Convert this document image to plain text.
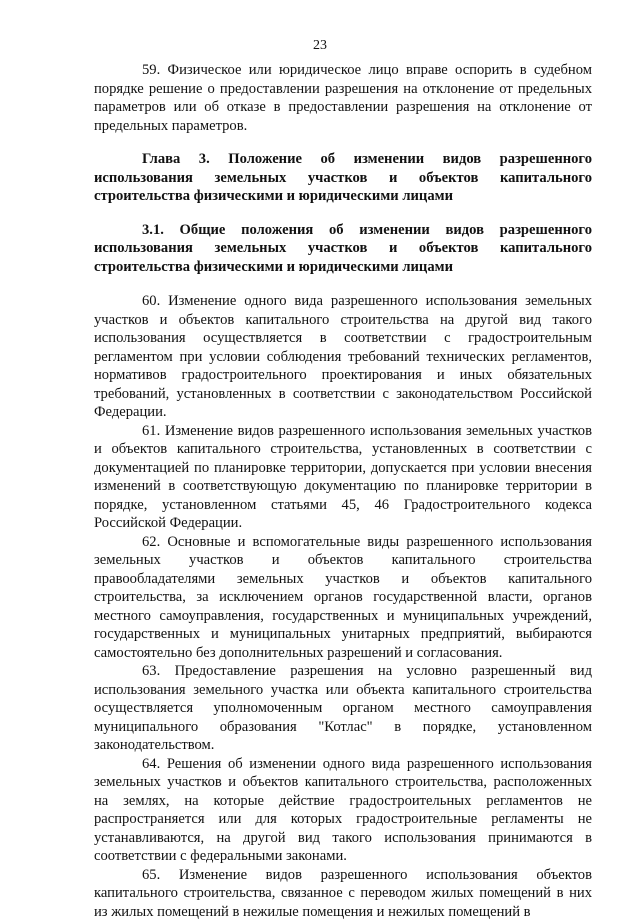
23

59. Физическое или юридическое лицо вправе оспорить в судебном порядке решение о предоставлении разрешения на отклонение от предельных параметров или об отказе в предоставлении разрешения на отклонение от предельных параметров.

Глава 3. Положение об изменении видов разрешенного использования земельных участков и объектов капитального строительства физическими и юридическими лицами
3.1. Общие положения об изменении видов разрешенного использования земельных участков и объектов капитального строительства физическими и юридическими лицами

60. Изменение одного вида разрешенного использования земельных участков и объектов капитального строительства на другой вид такого использования осуществляется в соответствии с градостроительным регламентом при условии соблюдения требований технических регламентов, нормативов градостроительного проектирования и иных обязательных требований, установленных в соответствии с законодательством Российской Федерации.

61. Изменение видов разрешенного использования земельных участков и объектов капитального строительства, установленных в соответствии с документацией по планировке территории, допускается при условии внесения изменений в соответствующую документацию по планировке территории в порядке, установленном статьями 45, 46 Градостроительного кодекса Российской Федерации.

62. Основные и вспомогательные виды разрешенного использования земельных участков и объектов капитального строительства правообладателями земельных участков и объектов капитального строительства, за исключением органов государственной власти, органов местного самоуправления, государственных и муниципальных учреждений, государственных и муниципальных унитарных предприятий, выбираются самостоятельно без дополнительных разрешений и согласования.

63. Предоставление разрешения на условно разрешенный вид использования земельного участка или объекта капитального строительства осуществляется уполномоченным органом местного самоуправления муниципального образования "Котлас" в порядке, установленном законодательством.

64. Решения об изменении одного вида разрешенного использования земельных участков и объектов капитального строительства, расположенных на землях, на которые действие градостроительных регламентов не распространяется или для которых градостроительные регламенты не устанавливаются, на другой вид такого использования принимаются в соответствии с федеральными законами.

65. Изменение видов разрешенного использования объектов капитального строительства, связанное с переводом жилых помещений в них из жилых помещений в нежилые помещения и нежилых помещений в
